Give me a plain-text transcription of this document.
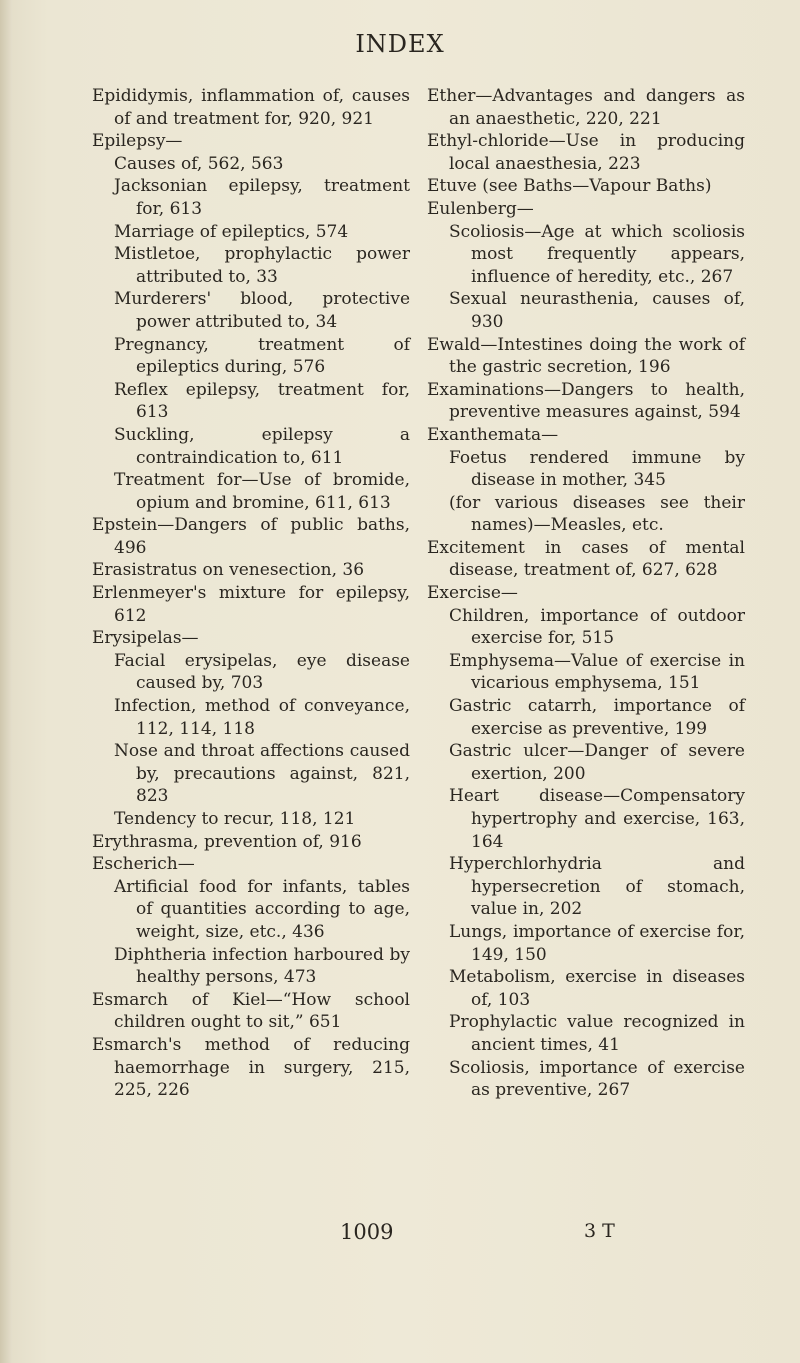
INDEX

Epididymis, inflammation of, causes of and treatment for, 920, 921

Epilepsy—

Causes of, 562, 563

Jacksonian epilepsy, treatment for, 613

Marriage of epileptics, 574

Mistletoe, prophylactic power attributed to, 33

Murderers' blood, protective power attributed to, 34

Pregnancy, treatment of epileptics during, 576

Reflex epilepsy, treatment for, 613

Suckling, epilepsy a contraindication to, 611

Treatment for—Use of bromide, opium and bromine, 611, 613

Epstein—Dangers of public baths, 496

Erasistratus on venesection, 36

Erlenmeyer's mixture for epilepsy, 612

Erysipelas—

Facial erysipelas, eye disease caused by, 703

Infection, method of conveyance, 112, 114, 118

Nose and throat affections caused by, precautions against, 821, 823

Tendency to recur, 118, 121

Erythrasma, prevention of, 916

Escherich—

Artificial food for infants, tables of quantities according to age, weight, size, etc., 436

Diphtheria infection harboured by healthy persons, 473

Esmarch of Kiel—“How school children ought to sit,” 651

Esmarch's method of reducing haemorrhage in surgery, 215, 225, 226

Ether—Advantages and dangers as an anaesthetic, 220, 221

Ethyl-chloride—Use in producing local anaesthesia, 223

Etuve (see Baths—Vapour Baths)

Eulenberg—

Scoliosis—Age at which scoliosis most frequently appears, influence of heredity, etc., 267

Sexual neurasthenia, causes of, 930

Ewald—Intestines doing the work of the gastric secretion, 196

Examinations—Dangers to health, preventive measures against, 594

Exanthemata—

Foetus rendered immune by disease in mother, 345

(for various diseases see their names)—Measles, etc.

Excitement in cases of mental disease, treatment of, 627, 628

Exercise—

Children, importance of outdoor exercise for, 515

Emphysema—Value of exercise in vicarious emphysema, 151

Gastric catarrh, importance of exercise as preventive, 199

Gastric ulcer—Danger of severe exertion, 200

Heart disease—Compensatory hypertrophy and exercise, 163, 164

Hyperchlorhydria and hypersecretion of stomach, value in, 202

Lungs, importance of exercise for, 149, 150

Metabolism, exercise in diseases of, 103

Prophylactic value recognized in ancient times, 41

Scoliosis, importance of exercise as preventive, 267

1009	3 T
